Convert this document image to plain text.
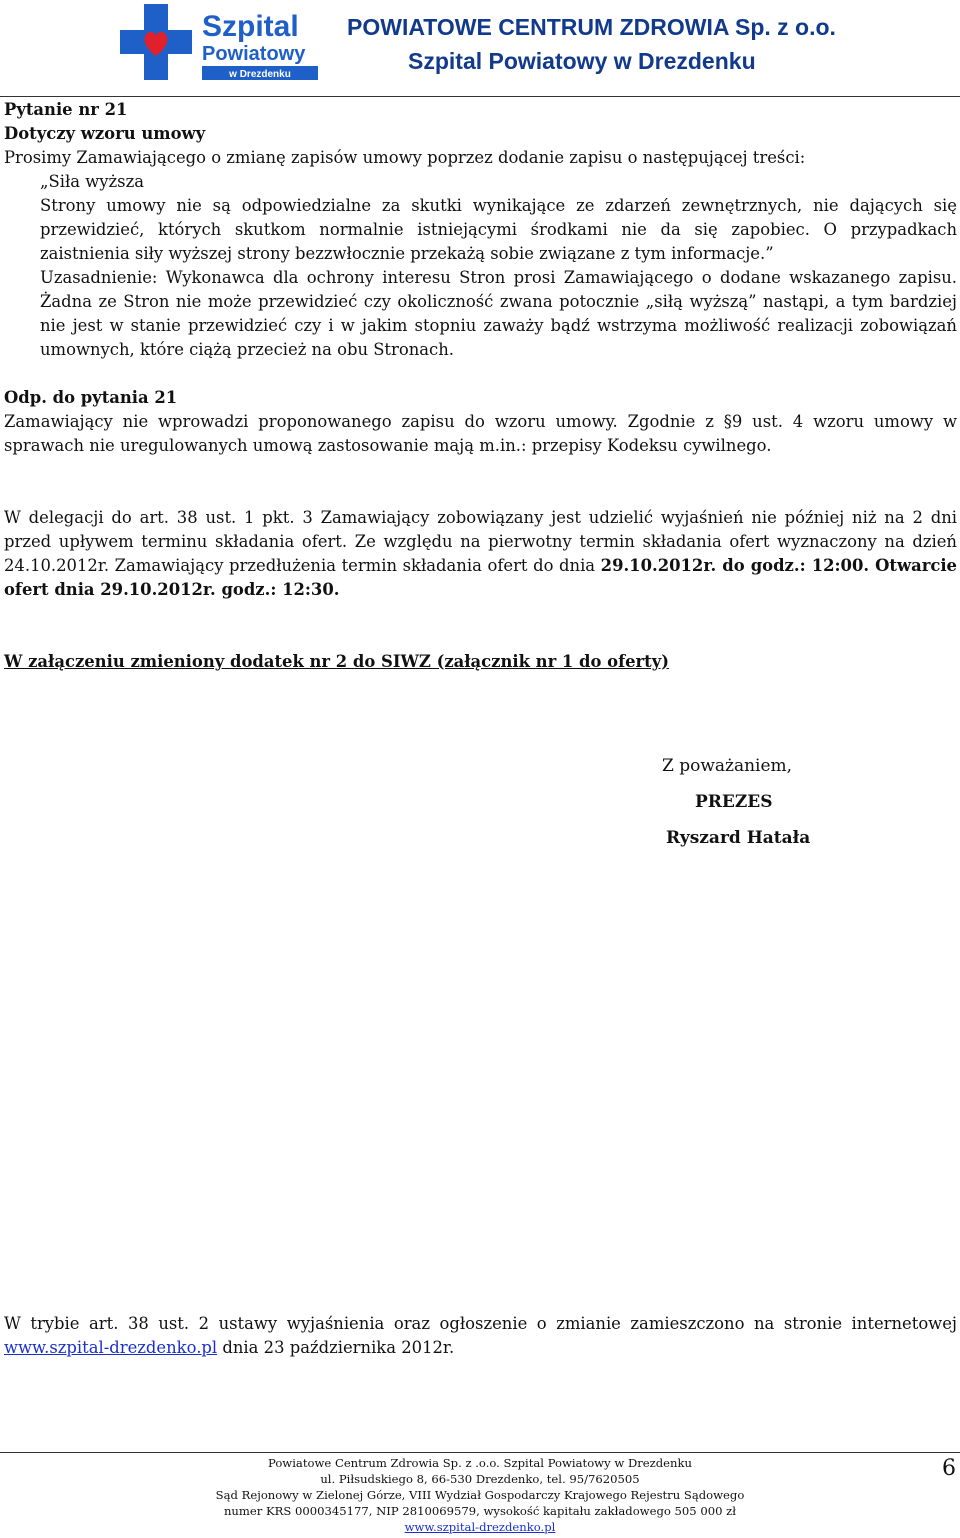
Szpital
Powiatowy
w Drezdenku
POWIATOWE CENTRUM ZDROWIA Sp. z o.o.
Szpital Powiatowy w Drezdenku

Pytanie nr 21

Dotyczy wzoru umowy

Prosimy Zamawiającego o zmianę zapisów umowy poprzez dodanie zapisu o następującej treści:

„Siła wyższa

Strony umowy nie są odpowiedzialne za skutki wynikające ze zdarzeń zewnętrznych, nie dających się przewidzieć, których skutkom normalnie istniejącymi środkami nie da się zapobiec. O przypadkach zaistnienia siły wyższej strony bezzwłocznie przekażą sobie związane z tym informacje.”

Uzasadnienie: Wykonawca dla ochrony interesu Stron prosi Zamawiającego o dodane wskazanego zapisu. Żadna ze Stron nie może przewidzieć czy okoliczność zwana potocznie „siłą wyższą” nastąpi, a tym bardziej nie jest w stanie przewidzieć czy i w jakim stopniu zaważy bądź wstrzyma możliwość realizacji zobowiązań umownych, które ciążą przecież na obu Stronach.

Odp. do pytania 21

Zamawiający nie wprowadzi proponowanego zapisu do wzoru umowy. Zgodnie z §9 ust. 4 wzoru umowy w sprawach nie uregulowanych umową zastosowanie mają m.in.: przepisy Kodeksu cywilnego.

W delegacji do art. 38 ust. 1 pkt. 3 Zamawiający zobowiązany jest udzielić wyjaśnień nie później niż na 2 dni przed upływem terminu składania ofert. Ze względu na pierwotny termin składania ofert wyznaczony na dzień 24.10.2012r. Zamawiający przedłużenia termin składania ofert do dnia 29.10.2012r. do godz.: 12:00. Otwarcie ofert dnia 29.10.2012r. godz.: 12:30.

W załączeniu zmieniony dodatek nr 2 do SIWZ (załącznik nr 1 do oferty)

Z poważaniem,
PREZES
Ryszard Hatała
W trybie art. 38 ust. 2 ustawy wyjaśnienia oraz ogłoszenie o zmianie zamieszczono na stronie internetowej www.szpital-drezdenko.pl dnia 23 października 2012r.
Powiatowe Centrum Zdrowia Sp. z .o.o. Szpital Powiatowy w Drezdenku
ul. Piłsudskiego 8, 66-530 Drezdenko, tel. 95/7620505
Sąd Rejonowy w Zielonej Górze, VIII Wydział Gospodarczy Krajowego Rejestru Sądowego
numer KRS 0000345177, NIP 2810069579, wysokość kapitału zakładowego 505 000 zł
www.szpital-drezdenko.pl
6
